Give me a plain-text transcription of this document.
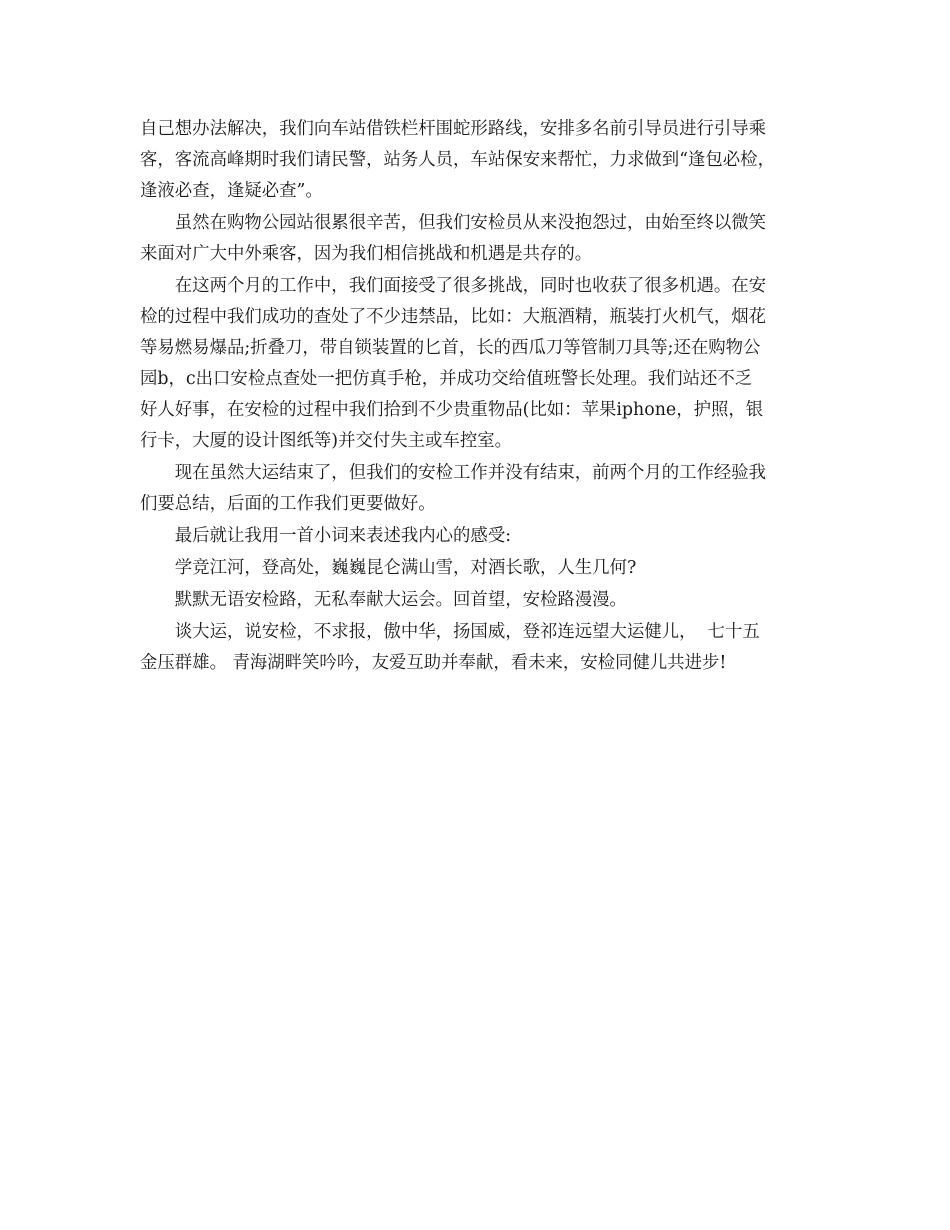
自己想办法解决，我们向车站借铁栏杆围蛇形路线，安排多名前引导员进行引导乘
客，客流高峰期时我们请民警，站务人员，车站保安来帮忙，力求做到“逢包必检，
逢液必查，逢疑必查”。
　　虽然在购物公园站很累很辛苦，但我们安检员从来没抱怨过，由始至终以微笑
来面对广大中外乘客，因为我们相信挑战和机遇是共存的。
　　在这两个月的工作中，我们面接受了很多挑战，同时也收获了很多机遇。在安
检的过程中我们成功的查处了不少违禁品，比如：大瓶酒精，瓶装打火机气，烟花
等易燃易爆品;折叠刀，带自锁装置的匕首，长的西瓜刀等管制刀具等;还在购物公
园b，c出口安检点查处一把仿真手枪，并成功交给值班警长处理。我们站还不乏
好人好事，在安检的过程中我们拾到不少贵重物品(比如：苹果iphone，护照，银
行卡，大厦的设计图纸等)并交付失主或车控室。
　　现在虽然大运结束了，但我们的安检工作并没有结束，前两个月的工作经验我
们要总结，后面的工作我们更要做好。
　　最后就让我用一首小词来表述我内心的感受:
　　学竞江河，登高处，巍巍昆仑满山雪，对酒长歌，人生几何?
　　默默无语安检路，无私奉献大运会。回首望，安检路漫漫。
　　谈大运，说安检，不求报，傲中华，扬国威，登祁连远望大运健儿，  七十五
金压群雄。 青海湖畔笑吟吟，友爱互助并奉献，看未来，安检同健儿共进步!
